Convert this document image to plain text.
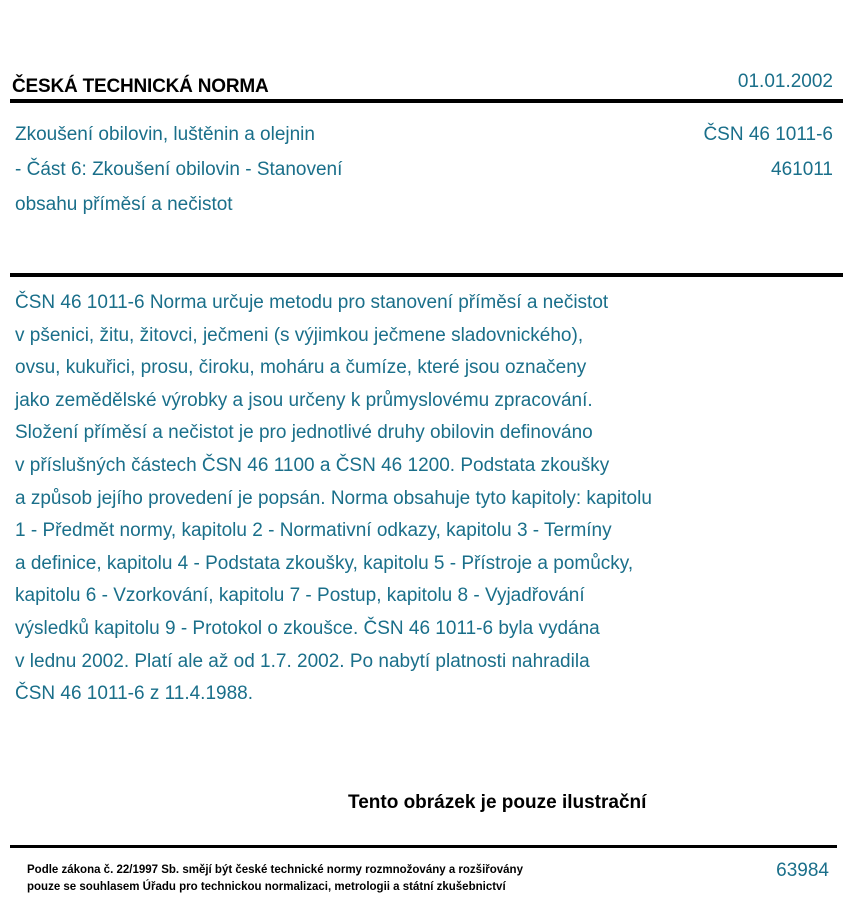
ČESKÁ TECHNICKÁ NORMA	01.01.2002
Zkoušení obilovin, luštěnin a olejnin
- Část 6: Zkoušení obilovin - Stanovení
obsahu příměsí a nečistot
ČSN 46 1011-6
461011
ČSN 46 1011-6 Norma určuje metodu pro stanovení příměsí a nečistot
v pšenici, žitu, žitovci, ječmeni (s výjimkou ječmene sladovnického),
ovsu, kukuřici, prosu, čiroku, moháru a čumíze, které jsou označeny
jako zemědělské výrobky a jsou určeny k průmyslovému zpracování.
Složení příměsí a nečistot je pro jednotlivé druhy obilovin definováno
v příslušných částech ČSN 46 1100 a ČSN 46 1200. Podstata zkoušky
a způsob jejího provedení je popsán. Norma obsahuje tyto kapitoly: kapitolu
1 - Předmět normy, kapitolu 2 - Normativní odkazy, kapitolu 3 - Termíny
a definice, kapitolu 4 - Podstata zkoušky, kapitolu 5 - Přístroje a pomůcky,
kapitolu 6 - Vzorkování, kapitolu 7 - Postup, kapitolu 8 - Vyjadřování
výsledků kapitolu 9 - Protokol o zkoušce. ČSN 46 1011-6 byla vydána
v lednu 2002. Platí ale až od 1.7. 2002. Po nabytí platnosti nahradila
ČSN 46 1011-6 z 11.4.1988.
Tento obrázek je pouze ilustrační
Podle zákona č. 22/1997 Sb. smějí být české technické normy rozmnožovány a rozšiřovány
pouze se souhlasem Úřadu pro technickou normalizaci, metrologii a státní zkušebnictví
63984
